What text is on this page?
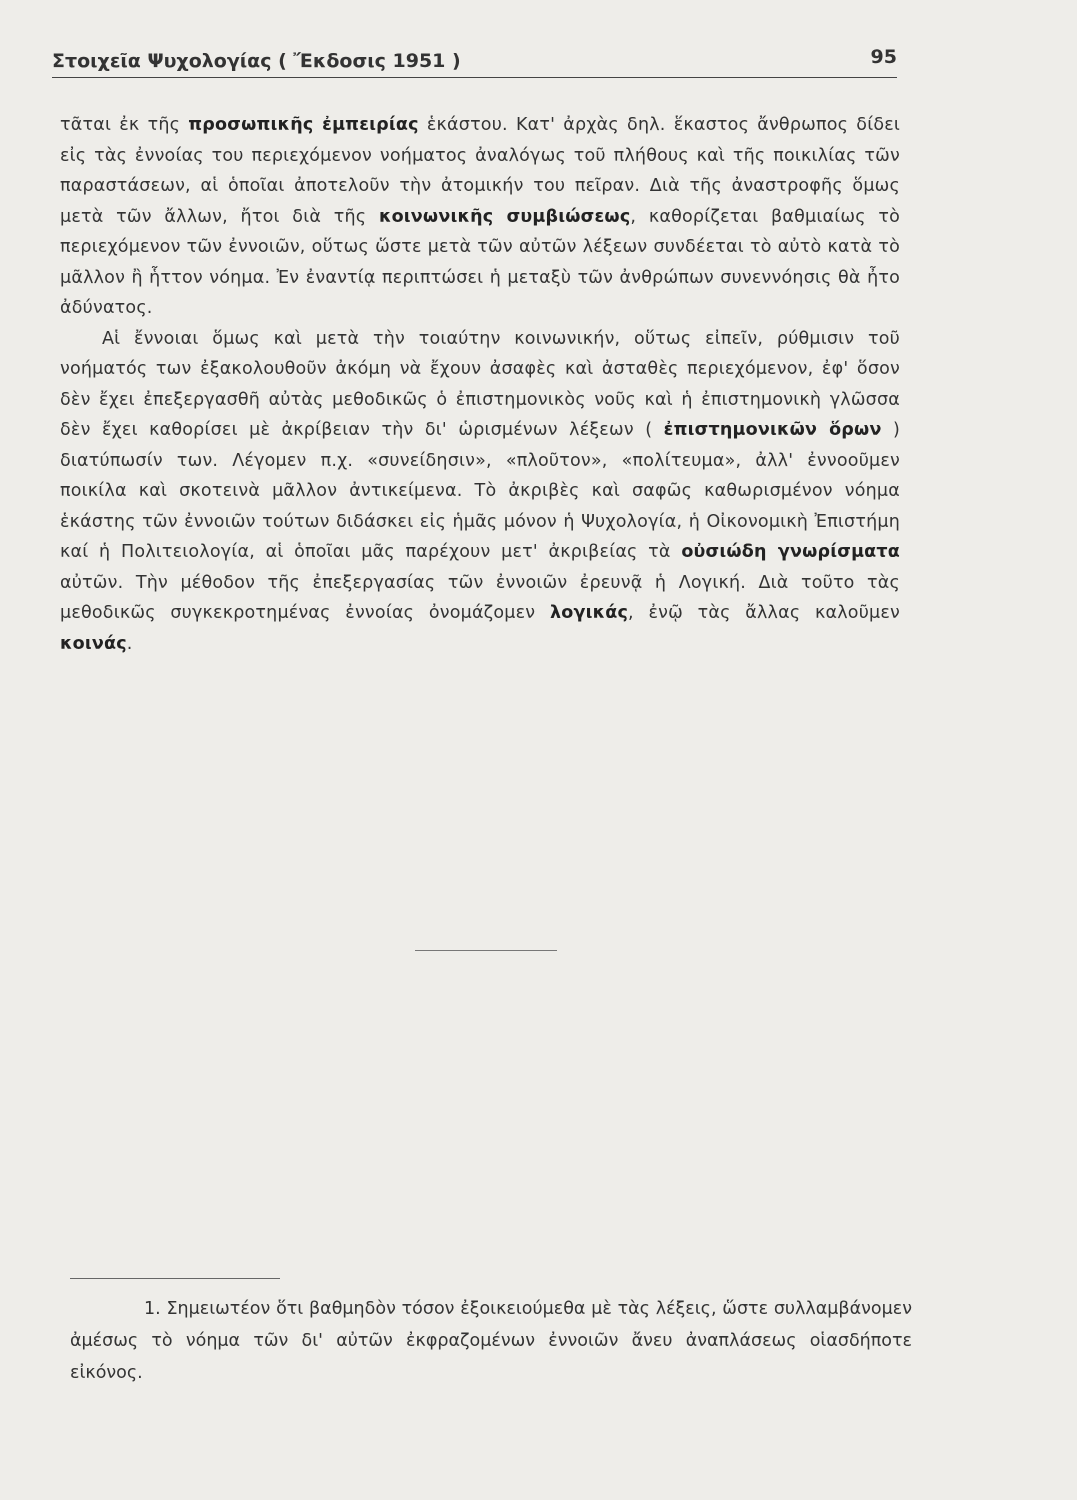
Στοιχεῖα Ψυχολογίας ( Ἔκδοσις 1951 )	95

τᾶται ἐκ τῆς προσωπικῆς ἐμπειρίας ἑκάστου. Κατ' ἀρχὰς δηλ. ἕκαστος ἄνθρωπος δίδει εἰς τὰς ἐννοίας του περιεχόμενον νοήματος ἀναλόγως τοῦ πλήθους καὶ τῆς ποικιλίας τῶν παραστάσεων, αἱ ὁποῖαι ἀποτελοῦν τὴν ἀτομικήν του πεῖραν. Διὰ τῆς ἀναστροφῆς ὅμως μετὰ τῶν ἄλλων, ἤτοι διὰ τῆς κοινωνικῆς συμβιώσεως, καθορίζεται βαθμιαίως τὸ περιεχόμενον τῶν ἐννοιῶν, οὕτως ὥστε μετὰ τῶν αὐτῶν λέξεων συνδέεται τὸ αὐτὸ κατὰ τὸ μᾶλλον ἢ ἧττον νόημα. Ἐν ἐναντίᾳ περιπτώσει ἡ μεταξὺ τῶν ἀνθρώπων συνεννόησις θὰ ἦτο ἀδύνατος.

Αἱ ἔννοιαι ὅμως καὶ μετὰ τὴν τοιαύτην κοινωνικήν, οὕτως εἰπεῖν, ρύθμισιν τοῦ νοήματός των ἐξακολουθοῦν ἀκόμη νὰ ἔχουν ἀσαφὲς καὶ ἀσταθὲς περιεχόμενον, ἐφ' ὅσον δὲν ἔχει ἐπεξεργασθῆ αὐτὰς μεθοδικῶς ὁ ἐπιστημονικὸς νοῦς καὶ ἡ ἐπιστημονικὴ γλῶσσα δὲν ἔχει καθορίσει μὲ ἀκρίβειαν τὴν δι' ὡρισμένων λέξεων ( ἐπιστημονικῶν ὅρων ) διατύπωσίν των. Λέγομεν π.χ. «συνείδησιν», «πλοῦτον», «πολίτευμα», ἀλλ' ἐννοοῦμεν ποικίλα καὶ σκοτεινὰ μᾶλλον ἀντικείμενα. Τὸ ἀκριβὲς καὶ σαφῶς καθωρισμένον νόημα ἑκάστης τῶν ἐννοιῶν τούτων διδάσκει εἰς ἡμᾶς μόνον ἡ Ψυχολογία, ἡ Οἰκονομικὴ Ἐπιστήμη καί ἡ Πολιτειολογία, αἱ ὁποῖαι μᾶς παρέχουν μετ' ἀκριβείας τὰ οὐσιώδη γνωρίσματα αὐτῶν. Τὴν μέθοδον τῆς ἐπεξεργασίας τῶν ἐννοιῶν ἐρευνᾷ ἡ Λογική. Διὰ τοῦτο τὰς μεθοδικῶς συγκεκροτημένας ἐννοίας ὀνομάζομεν λογικάς, ἐνῷ τὰς ἄλλας καλοῦμεν κοινάς.

1. Σημειωτέον ὅτι βαθμηδὸν τόσον ἐξοικειούμεθα μὲ τὰς λέξεις, ὥστε συλλαμβάνομεν ἀμέσως τὸ νόημα τῶν δι' αὐτῶν ἐκφραζομένων ἐννοιῶν ἄνευ ἀναπλάσεως οἱασδήποτε εἰκόνος.
